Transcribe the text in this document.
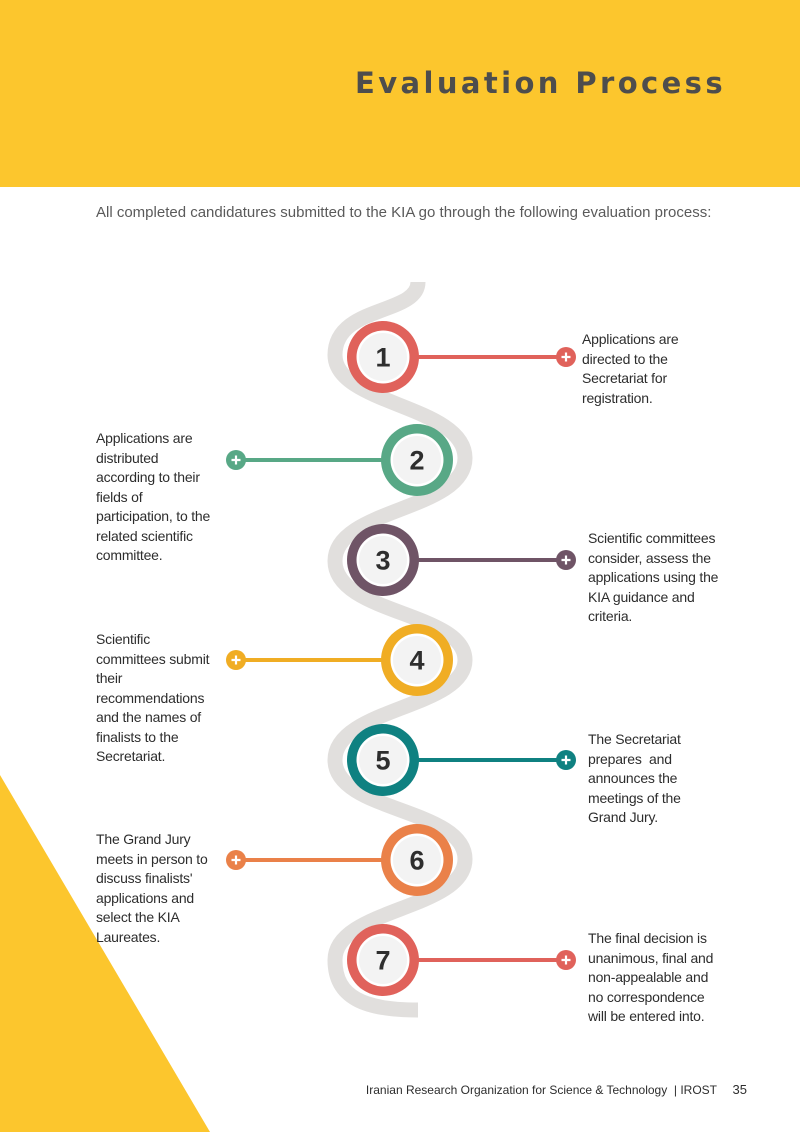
Evaluation Process

All completed candidatures submitted to the KIA go through the following evaluation process:

1
2
3
4
5
6
7

Applications are
directed to the
Secretariat for
registration.

Applications are
distributed
according to their
fields of
participation, to the
related scientific
committee.

Scientific committees
consider, assess the
applications using the
KIA guidance and
criteria.

Scientific
committees submit
their
recommendations
and the names of
finalists to the
Secretariat.

The Secretariat
prepares  and
announces the
meetings of the
Grand Jury.

The Grand Jury
meets in person to
discuss finalists'
applications and
select the KIA
Laureates.	The final decision is
unanimous, final and
non-appealable and
no correspondence
will be entered into.

Iranian Research Organization for Science & Technology  | IROST 35
